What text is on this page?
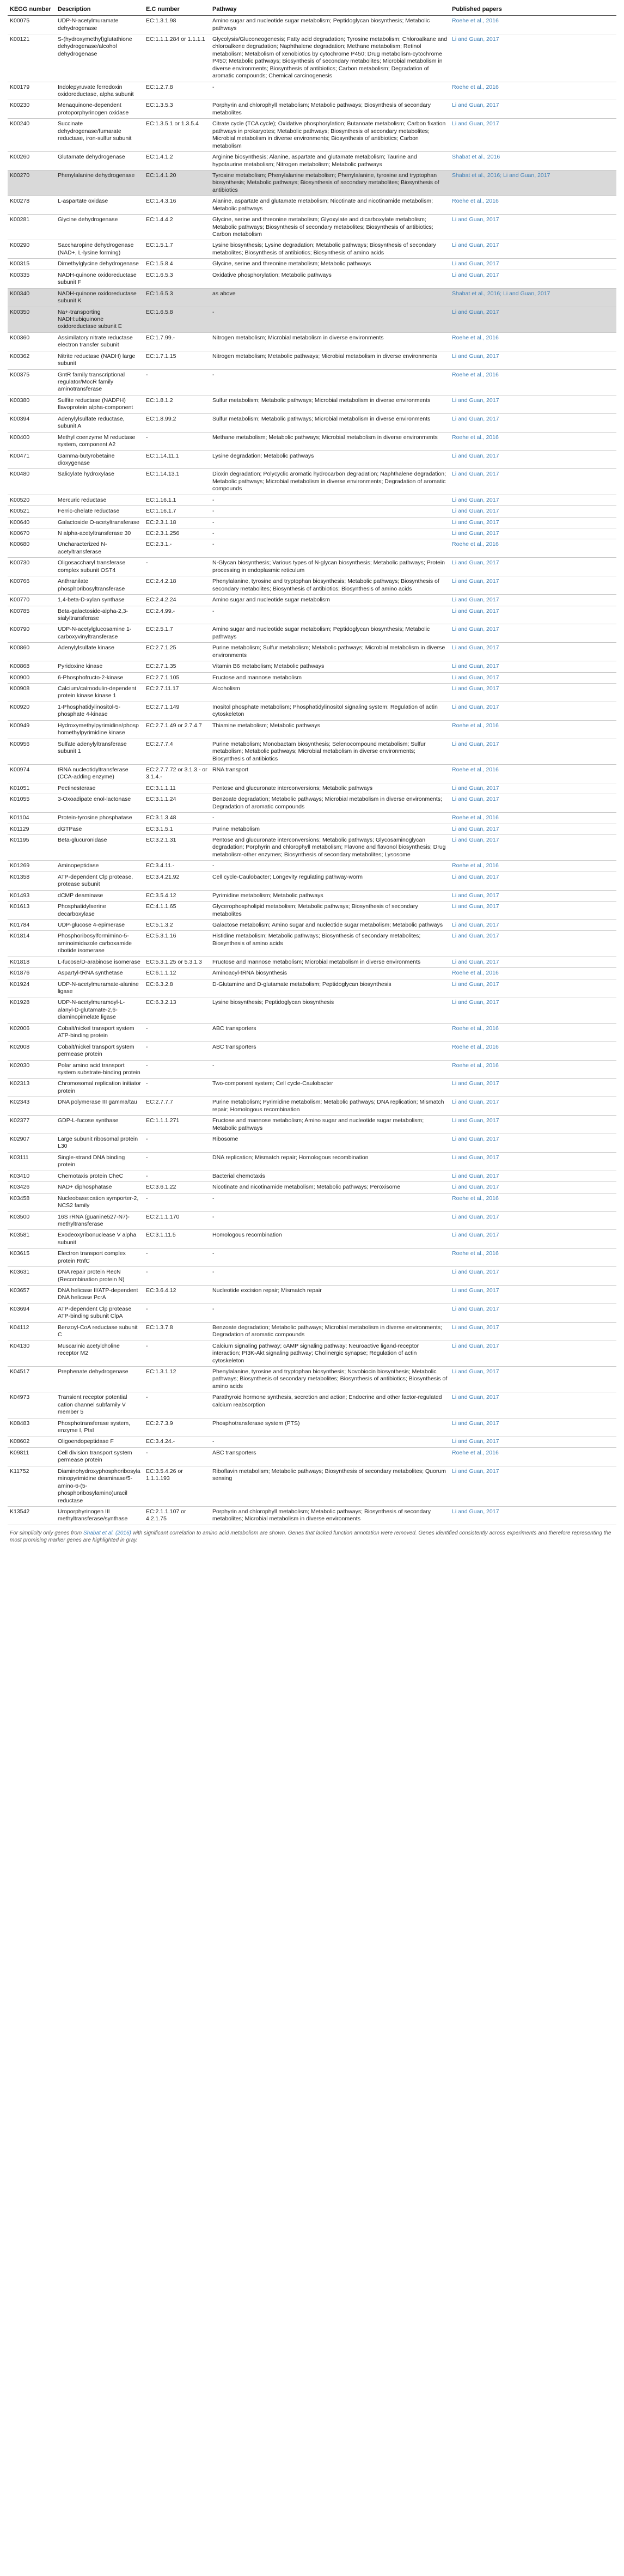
KEGG number	Description	E.C number	Pathway	Published papers
K00075	UDP-N-acetylmuramate dehydrogenase	EC:1.3.1.98	Amino sugar and nucleotide sugar metabolism; Peptidoglycan biosynthesis; Metabolic pathways	Roehe et al., 2016
K00121	S-(hydroxymethyl)glutathione dehydrogenase/alcohol dehydrogenase	EC:1.1.1.284 or 1.1.1.1	Glycolysis/Gluconeogenesis; Fatty acid degradation; Tyrosine metabolism; Chloroalkane and chloroalkene degradation; Naphthalene degradation; Methane metabolism; Retinol metabolism; Metabolism of xenobiotics by cytochrome P450; Drug metabolism-cytochrome P450; Metabolic pathways; Biosynthesis of secondary metabolites; Microbial metabolism in diverse environments; Biosynthesis of antibiotics; Carbon metabolism; Degradation of aromatic compounds; Chemical carcinogenesis	Li and Guan, 2017
K00179	Indolepyruvate ferredoxin oxidoreductase, alpha subunit	EC:1.2.7.8	-	Roehe et al., 2016
K00230	Menaquinone-dependent protoporphyrinogen oxidase	EC:1.3.5.3	Porphyrin and chlorophyll metabolism; Metabolic pathways; Biosynthesis of secondary metabolites	Li and Guan, 2017
K00240	Succinate dehydrogenase/fumarate reductase, iron-sulfur subunit	EC:1.3.5.1 or 1.3.5.4	Citrate cycle (TCA cycle); Oxidative phosphorylation; Butanoate metabolism; Carbon fixation pathways in prokaryotes; Metabolic pathways; Biosynthesis of secondary metabolites; Microbial metabolism in diverse environments; Biosynthesis of antibiotics; Carbon metabolism	Li and Guan, 2017
K00260	Glutamate dehydrogenase	EC:1.4.1.2	Arginine biosynthesis; Alanine, aspartate and glutamate metabolism; Taurine and hypotaurine metabolism; Nitrogen metabolism; Metabolic pathways	Shabat et al., 2016
K00270	Phenylalanine dehydrogenase	EC:1.4.1.20	Tyrosine metabolism; Phenylalanine metabolism; Phenylalanine, tyrosine and tryptophan biosynthesis; Metabolic pathways; Biosynthesis of secondary metabolites; Biosynthesis of antibiotics	Shabat et al., 2016; Li and Guan, 2017
K00278	L-aspartate oxidase	EC:1.4.3.16	Alanine, aspartate and glutamate metabolism; Nicotinate and nicotinamide metabolism; Metabolic pathways	Roehe et al., 2016
K00281	Glycine dehydrogenase	EC:1.4.4.2	Glycine, serine and threonine metabolism; Glyoxylate and dicarboxylate metabolism; Metabolic pathways; Biosynthesis of secondary metabolites; Biosynthesis of antibiotics; Carbon metabolism	Li and Guan, 2017
K00290	Saccharopine dehydrogenase (NAD+, L-lysine forming)	EC:1.5.1.7	Lysine biosynthesis; Lysine degradation; Metabolic pathways; Biosynthesis of secondary metabolites; Biosynthesis of antibiotics; Biosynthesis of amino acids	Li and Guan, 2017
K00315	Dimethylglycine dehydrogenase	EC:1.5.8.4	Glycine, serine and threonine metabolism; Metabolic pathways	Li and Guan, 2017
K00335	NADH-quinone oxidoreductase subunit F	EC:1.6.5.3	Oxidative phosphorylation; Metabolic pathways	Li and Guan, 2017
K00340	NADH-quinone oxidoreductase subunit K	EC:1.6.5.3	as above	Shabat et al., 2016; Li and Guan, 2017
K00350	Na+-transporting NADH:ubiquinone oxidoreductase subunit E	EC:1.6.5.8	-	Li and Guan, 2017
K00360	Assimilatory nitrate reductase electron transfer subunit	EC:1.7.99.-	Nitrogen metabolism; Microbial metabolism in diverse environments	Roehe et al., 2016
K00362	Nitrite reductase (NADH) large subunit	EC:1.7.1.15	Nitrogen metabolism; Metabolic pathways; Microbial metabolism in diverse environments	Li and Guan, 2017
K00375	GntR family transcriptional regulator/MocR family aminotransferase	-	-	Roehe et al., 2016
K00380	Sulfite reductase (NADPH) flavoprotein alpha-component	EC:1.8.1.2	Sulfur metabolism; Metabolic pathways; Microbial metabolism in diverse environments	Li and Guan, 2017
K00394	Adenylylsulfate reductase, subunit A	EC:1.8.99.2	Sulfur metabolism; Metabolic pathways; Microbial metabolism in diverse environments	Li and Guan, 2017
K00400	Methyl coenzyme M reductase system, component A2	-	Methane metabolism; Metabolic pathways; Microbial metabolism in diverse environments	Roehe et al., 2016
K00471	Gamma-butyrobetaine dioxygenase	EC:1.14.11.1	Lysine degradation; Metabolic pathways	Li and Guan, 2017
K00480	Salicylate hydroxylase	EC:1.14.13.1	Dioxin degradation; Polycyclic aromatic hydrocarbon degradation; Naphthalene degradation; Metabolic pathways; Microbial metabolism in diverse environments; Degradation of aromatic compounds	Li and Guan, 2017
K00520	Mercuric reductase	EC:1.16.1.1	-	Li and Guan, 2017
K00521	Ferric-chelate reductase	EC:1.16.1.7	-	Li and Guan, 2017
K00640	Galactoside O-acetyltransferase	EC:2.3.1.18	-	Li and Guan, 2017
K00670	N alpha-acetyltransferase 30	EC:2.3.1.256	-	Li and Guan, 2017
K00680	Uncharacterized N-acetyltransferase	EC:2.3.1.-	-	Roehe et al., 2016
K00730	Oligosaccharyl transferase complex subunit OST4	-	N-Glycan biosynthesis; Various types of N-glycan biosynthesis; Metabolic pathways; Protein processing in endoplasmic reticulum	Li and Guan, 2017
K00766	Anthranilate phosphoribosyltransferase	EC:2.4.2.18	Phenylalanine, tyrosine and tryptophan biosynthesis; Metabolic pathways; Biosynthesis of secondary metabolites; Biosynthesis of antibiotics; Biosynthesis of amino acids	Li and Guan, 2017
K00770	1,4-beta-D-xylan synthase	EC:2.4.2.24	Amino sugar and nucleotide sugar metabolism	Li and Guan, 2017
K00785	Beta-galactoside-alpha-2,3-sialyltransferase	EC:2.4.99.-	-	Li and Guan, 2017
K00790	UDP-N-acetylglucosamine 1-carboxyvinyltransferase	EC:2.5.1.7	Amino sugar and nucleotide sugar metabolism; Peptidoglycan biosynthesis; Metabolic pathways	Li and Guan, 2017
K00860	Adenylylsulfate kinase	EC:2.7.1.25	Purine metabolism; Sulfur metabolism; Metabolic pathways; Microbial metabolism in diverse environments	Li and Guan, 2017
K00868	Pyridoxine kinase	EC:2.7.1.35	Vitamin B6 metabolism; Metabolic pathways	Li and Guan, 2017
K00900	6-Phosphofructo-2-kinase	EC:2.7.1.105	Fructose and mannose metabolism	Li and Guan, 2017
K00908	Calcium/calmodulin-dependent protein kinase kinase 1	EC:2.7.11.17	Alcoholism	Li and Guan, 2017
K00920	1-Phosphatidylinositol-5-phosphate 4-kinase	EC:2.7.1.149	Inositol phosphate metabolism; Phosphatidylinositol signaling system; Regulation of actin cytoskeleton	Li and Guan, 2017
K00949	Hydroxymethylpyrimidine/phosphomethylpyrimidine kinase	EC:2.7.1.49 or 2.7.4.7	Thiamine metabolism; Metabolic pathways	Roehe et al., 2016
K00956	Sulfate adenylyltransferase subunit 1	EC:2.7.7.4	Purine metabolism; Monobactam biosynthesis; Selenocompound metabolism; Sulfur metabolism; Metabolic pathways; Microbial metabolism in diverse environments; Biosynthesis of antibiotics	Li and Guan, 2017
K00974	tRNA nucleotidyltransferase (CCA-adding enzyme)	EC:2.7.7.72 or 3.1.3.- or 3.1.4.-	RNA transport	Roehe et al., 2016
K01051	Pectinesterase	EC:3.1.1.11	Pentose and glucuronate interconversions; Metabolic pathways	Li and Guan, 2017
K01055	3-Oxoadipate enol-lactonase	EC:3.1.1.24	Benzoate degradation; Metabolic pathways; Microbial metabolism in diverse environments; Degradation of aromatic compounds	Li and Guan, 2017
K01104	Protein-tyrosine phosphatase	EC:3.1.3.48	-	Roehe et al., 2016
K01129	dGTPase	EC:3.1.5.1	Purine metabolism	Li and Guan, 2017
K01195	Beta-glucuronidase	EC:3.2.1.31	Pentose and glucuronate interconversions; Metabolic pathways; Glycosaminoglycan degradation; Porphyrin and chlorophyll metabolism; Flavone and flavonol biosynthesis; Drug metabolism-other enzymes; Biosynthesis of secondary metabolites; Lysosome	Li and Guan, 2017
K01269	Aminopeptidase	EC:3.4.11.-	-	Roehe et al., 2016
K01358	ATP-dependent Clp protease, protease subunit	EC:3.4.21.92	Cell cycle-Caulobacter; Longevity regulating pathway-worm	Li and Guan, 2017
K01493	dCMP deaminase	EC:3.5.4.12	Pyrimidine metabolism; Metabolic pathways	Li and Guan, 2017
K01613	Phosphatidylserine decarboxylase	EC:4.1.1.65	Glycerophospholipid metabolism; Metabolic pathways; Biosynthesis of secondary metabolites	Li and Guan, 2017
K01784	UDP-glucose 4-epimerase	EC:5.1.3.2	Galactose metabolism; Amino sugar and nucleotide sugar metabolism; Metabolic pathways	Li and Guan, 2017
K01814	Phosphoribosylformimino-5-aminoimidazole carboxamide ribotide isomerase	EC:5.3.1.16	Histidine metabolism; Metabolic pathways; Biosynthesis of secondary metabolites; Biosynthesis of amino acids	Li and Guan, 2017
K01818	L-fucose/D-arabinose isomerase	EC:5.3.1.25 or 5.3.1.3	Fructose and mannose metabolism; Microbial metabolism in diverse environments	Li and Guan, 2017
K01876	Aspartyl-tRNA synthetase	EC:6.1.1.12	Aminoacyl-tRNA biosynthesis	Roehe et al., 2016
K01924	UDP-N-acetylmuramate-alanine ligase	EC:6.3.2.8	D-Glutamine and D-glutamate metabolism; Peptidoglycan biosynthesis	Li and Guan, 2017
K01928	UDP-N-acetylmuramoyl-L-alanyl-D-glutamate-2,6-diaminopimelate ligase	EC:6.3.2.13	Lysine biosynthesis; Peptidoglycan biosynthesis	Li and Guan, 2017
K02006	Cobalt/nickel transport system ATP-binding protein	-	ABC transporters	Roehe et al., 2016
K02008	Cobalt/nickel transport system permease protein	-	ABC transporters	Roehe et al., 2016
K02030	Polar amino acid transport system substrate-binding protein	-	-	Roehe et al., 2016
K02313	Chromosomal replication initiator protein	-	Two-component system; Cell cycle-Caulobacter	Li and Guan, 2017
K02343	DNA polymerase III gamma/tau	EC:2.7.7.7	Purine metabolism; Pyrimidine metabolism; Metabolic pathways; DNA replication; Mismatch repair; Homologous recombination	Li and Guan, 2017
K02377	GDP-L-fucose synthase	EC:1.1.1.271	Fructose and mannose metabolism; Amino sugar and nucleotide sugar metabolism; Metabolic pathways	Li and Guan, 2017
K02907	Large subunit ribosomal protein L30	-	Ribosome	Li and Guan, 2017
K03111	Single-strand DNA binding protein	-	DNA replication; Mismatch repair; Homologous recombination	Li and Guan, 2017
K03410	Chemotaxis protein CheC	-	Bacterial chemotaxis	Li and Guan, 2017
K03426	NAD+ diphosphatase	EC:3.6.1.22	Nicotinate and nicotinamide metabolism; Metabolic pathways; Peroxisome	Li and Guan, 2017
K03458	Nucleobase:cation symporter-2, NCS2 family	-	-	Roehe et al., 2016
K03500	16S rRNA (guanine527-N7)-methyltransferase	EC:2.1.1.170	-	Li and Guan, 2017
K03581	Exodeoxyribonuclease V alpha subunit	EC:3.1.11.5	Homologous recombination	Li and Guan, 2017
K03615	Electron transport complex protein RnfC	-	-	Roehe et al., 2016
K03631	DNA repair protein RecN (Recombination protein N)	-	-	Li and Guan, 2017
K03657	DNA helicase II/ATP-dependent DNA helicase PcrA	EC:3.6.4.12	Nucleotide excision repair; Mismatch repair	Li and Guan, 2017
K03694	ATP-dependent Clp protease ATP-binding subunit ClpA	-	-	Li and Guan, 2017
K04112	Benzoyl-CoA reductase subunit C	EC:1.3.7.8	Benzoate degradation; Metabolic pathways; Microbial metabolism in diverse environments; Degradation of aromatic compounds	Li and Guan, 2017
K04130	Muscarinic acetylcholine receptor M2	-	Calcium signaling pathway; cAMP signaling pathway; Neuroactive ligand-receptor interaction; PI3K-Akt signaling pathway; Cholinergic synapse; Regulation of actin cytoskeleton	Li and Guan, 2017
K04517	Prephenate dehydrogenase	EC:1.3.1.12	Phenylalanine, tyrosine and tryptophan biosynthesis; Novobiocin biosynthesis; Metabolic pathways; Biosynthesis of secondary metabolites; Biosynthesis of antibiotics; Biosynthesis of amino acids	Li and Guan, 2017
K04973	Transient receptor potential cation channel subfamily V member 5	-	Parathyroid hormone synthesis, secretion and action; Endocrine and other factor-regulated calcium reabsorption	Li and Guan, 2017
K08483	Phosphotransferase system, enzyme I, PtsI	EC:2.7.3.9	Phosphotransferase system (PTS)	Li and Guan, 2017
K08602	Oligoendopeptidase F	EC:3.4.24.-	-	Li and Guan, 2017
K09811	Cell division transport system permease protein	-	ABC transporters	Roehe et al., 2016
K11752	Diaminohydroxyphosphoribosylaminopyrimidine deaminase/5-amino-6-(5-phosphoribosylamino)uracil reductase	EC:3.5.4.26 or 1.1.1.193	Riboflavin metabolism; Metabolic pathways; Biosynthesis of secondary metabolites; Quorum sensing	Li and Guan, 2017
K13542	Uroporphyrinogen III methyltransferase/synthase	EC:2.1.1.107 or 4.2.1.75	Porphyrin and chlorophyll metabolism; Metabolic pathways; Biosynthesis of secondary metabolites; Microbial metabolism in diverse environments	Li and Guan, 2017
For simplicity only genes from Shabat et al. (2016) with significant correlation to amino acid metabolism are shown. Genes that lacked function annotation were removed. Genes identified consistently across experiments and therefore representing the most promising marker genes are highlighted in gray.
